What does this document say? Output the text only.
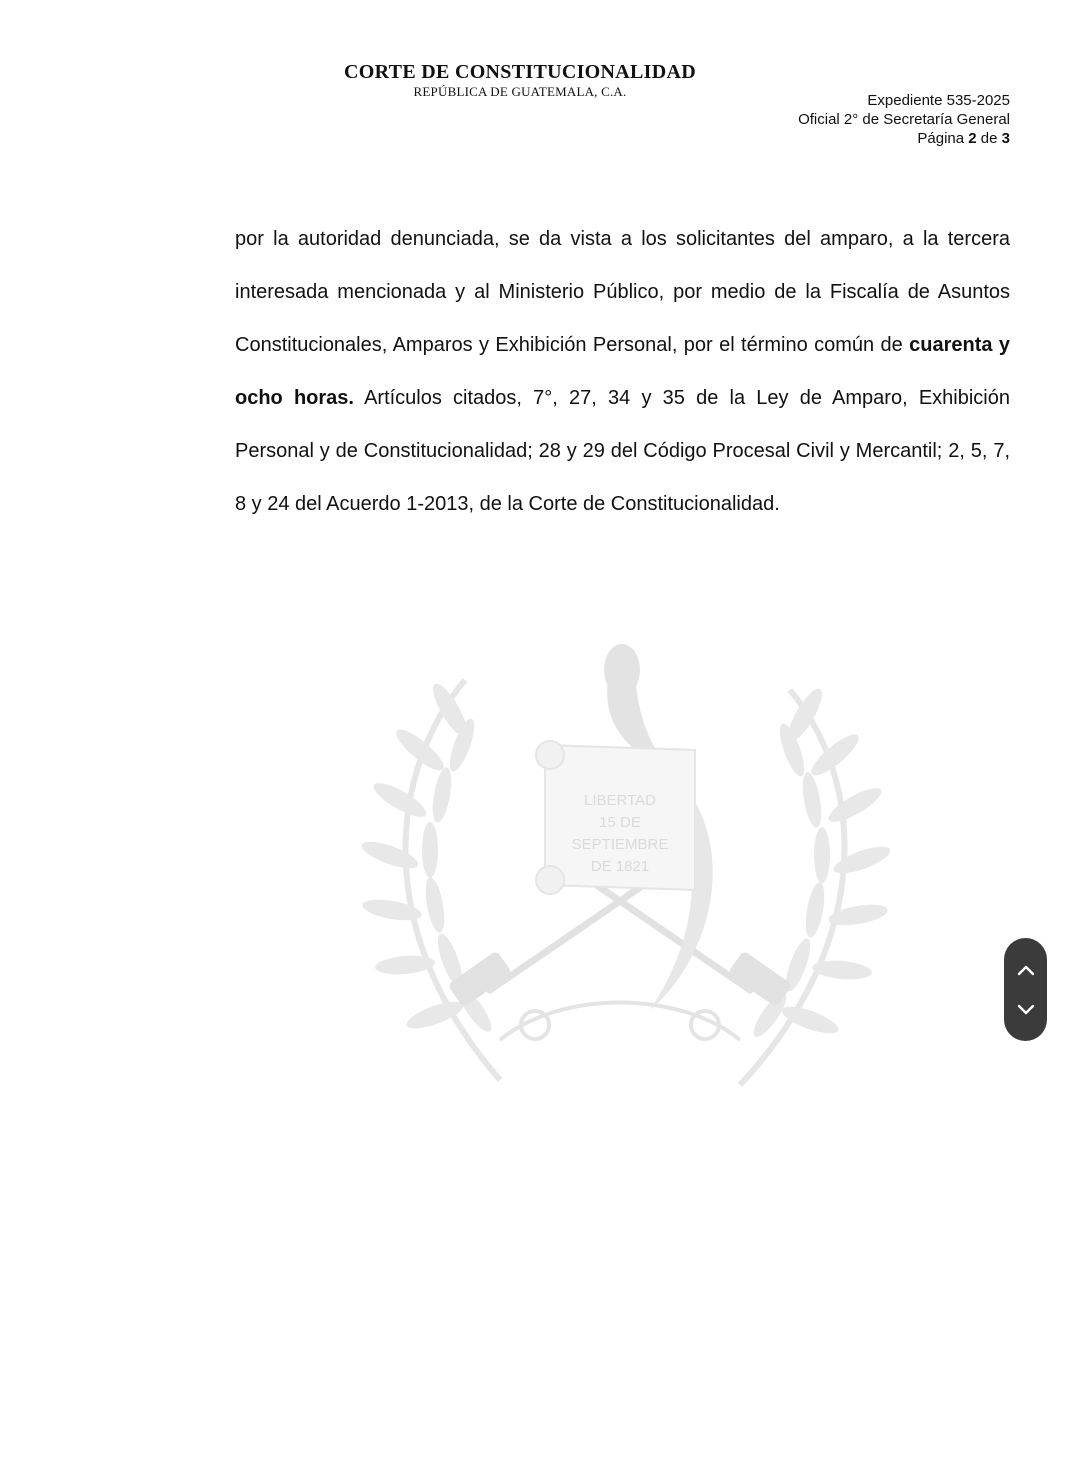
CORTE DE CONSTITUCIONALIDAD
REPÚBLICA DE GUATEMALA, C.A.
Expediente 535-2025
Oficial 2° de Secretaría General
Página 2 de 3
por la autoridad denunciada, se da vista a los solicitantes del amparo, a la tercera interesada mencionada y al Ministerio Público, por medio de la Fiscalía de Asuntos Constitucionales, Amparos y Exhibición Personal, por el término común de cuarenta y ocho horas. Artículos citados, 7°, 27, 34 y 35 de la Ley de Amparo, Exhibición Personal y de Constitucionalidad; 28 y 29 del Código Procesal Civil y Mercantil; 2, 5, 7, 8 y 24 del Acuerdo 1-2013, de la Corte de Constitucionalidad.
LIBERTAD
15 DE
SEPTIEMBRE
DE 1821
